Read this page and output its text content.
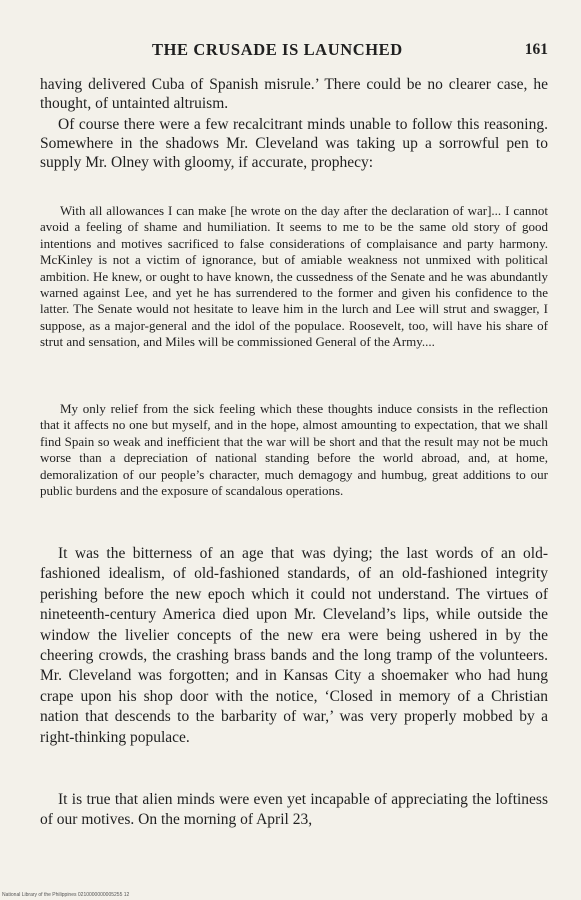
THE CRUSADE IS LAUNCHED	161

having delivered Cuba of Spanish misrule.’ There could be no clearer case, he thought, of untainted altruism.

Of course there were a few recalcitrant minds unable to follow this reasoning. Somewhere in the shadows Mr. Cleveland was taking up a sorrowful pen to supply Mr. Olney with gloomy, if accurate, prophecy:

With all allowances I can make [he wrote on the day after the declaration of war]... I cannot avoid a feeling of shame and humiliation. It seems to me to be the same old story of good intentions and motives sacrificed to false considerations of complaisance and party harmony. McKinley is not a victim of ignorance, but of amiable weakness not unmixed with political ambition. He knew, or ought to have known, the cussedness of the Senate and he was abundantly warned against Lee, and yet he has surrendered to the former and given his confidence to the latter. The Senate would not hesitate to leave him in the lurch and Lee will strut and swagger, I suppose, as a major-general and the idol of the populace. Roosevelt, too, will have his share of strut and sensation, and Miles will be commissioned General of the Army....

My only relief from the sick feeling which these thoughts induce consists in the reflection that it affects no one but myself, and in the hope, almost amounting to expectation, that we shall find Spain so weak and inefficient that the war will be short and that the result may not be much worse than a depreciation of national standing before the world abroad, and, at home, demoralization of our people’s character, much demagogy and humbug, great additions to our public burdens and the exposure of scandalous operations.

It was the bitterness of an age that was dying; the last words of an old-fashioned idealism, of old-fashioned standards, of an old-fashioned integrity perishing before the new epoch which it could not understand. The virtues of nineteenth-century America died upon Mr. Cleveland’s lips, while outside the window the livelier concepts of the new era were being ushered in by the cheering crowds, the crashing brass bands and the long tramp of the volunteers. Mr. Cleveland was forgotten; and in Kansas City a shoemaker who had hung crape upon his shop door with the notice, ‘Closed in memory of a Christian nation that descends to the barbarity of war,’ was very properly mobbed by a right-thinking populace.

It is true that alien minds were even yet incapable of appreciating the loftiness of our motives. On the morning of April 23,

National Library of the Philippines 0210000000005255 12
